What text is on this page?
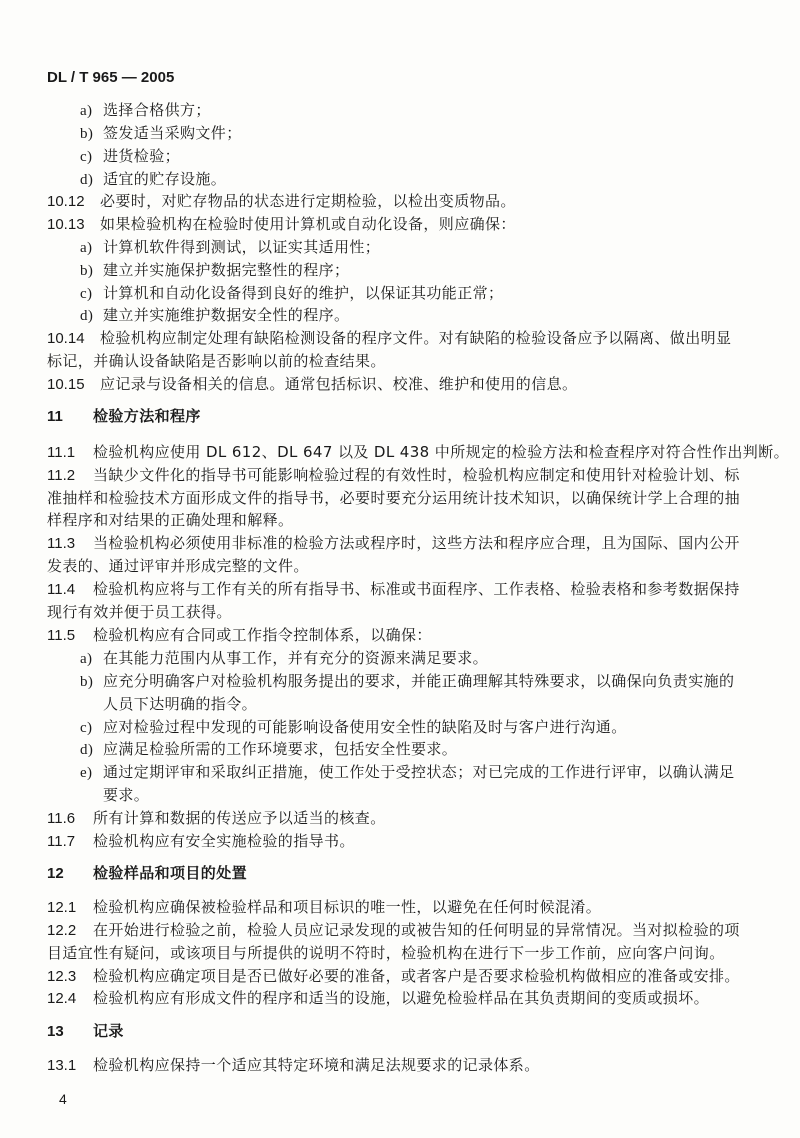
DL / T 965 — 2005
a) 选择合格供方；
b) 签发适当采购文件；
c) 进货检验；
d) 适宜的贮存设施。
10.12 必要时，对贮存物品的状态进行定期检验，以检出变质物品。
10.13 如果检验机构在检验时使用计算机或自动化设备，则应确保：
a) 计算机软件得到测试，以证实其适用性；
b) 建立并实施保护数据完整性的程序；
c) 计算机和自动化设备得到良好的维护，以保证其功能正常；
d) 建立并实施维护数据安全性的程序。
10.14 检验机构应制定处理有缺陷检测设备的程序文件。对有缺陷的检验设备应予以隔离、做出明显
标记，并确认设备缺陷是否影响以前的检查结果。
10.15 应记录与设备相关的信息。通常包括标识、校准、维护和使用的信息。
11 检验方法和程序
11.1 检验机构应使用 DL 612、DL 647 以及 DL 438 中所规定的检验方法和检查程序对符合性作出判断。
11.2 当缺少文件化的指导书可能影响检验过程的有效性时，检验机构应制定和使用针对检验计划、标
准抽样和检验技术方面形成文件的指导书，必要时要充分运用统计技术知识，以确保统计学上合理的抽
样程序和对结果的正确处理和解释。
11.3 当检验机构必须使用非标准的检验方法或程序时，这些方法和程序应合理，且为国际、国内公开
发表的、通过评审并形成完整的文件。
11.4 检验机构应将与工作有关的所有指导书、标准或书面程序、工作表格、检验表格和参考数据保持
现行有效并便于员工获得。
11.5 检验机构应有合同或工作指令控制体系，以确保：
a) 在其能力范围内从事工作，并有充分的资源来满足要求。
b) 应充分明确客户对检验机构服务提出的要求，并能正确理解其特殊要求，以确保向负责实施的
人员下达明确的指令。
c) 应对检验过程中发现的可能影响设备使用安全性的缺陷及时与客户进行沟通。
d) 应满足检验所需的工作环境要求，包括安全性要求。
e) 通过定期评审和采取纠正措施，使工作处于受控状态；对已完成的工作进行评审，以确认满足
要求。
11.6 所有计算和数据的传送应予以适当的核查。
11.7 检验机构应有安全实施检验的指导书。
12 检验样品和项目的处置
12.1 检验机构应确保被检验样品和项目标识的唯一性，以避免在任何时候混淆。
12.2 在开始进行检验之前，检验人员应记录发现的或被告知的任何明显的异常情况。当对拟检验的项
目适宜性有疑问，或该项目与所提供的说明不符时，检验机构在进行下一步工作前，应向客户问询。
12.3 检验机构应确定项目是否已做好必要的准备，或者客户是否要求检验机构做相应的准备或安排。
12.4 检验机构应有形成文件的程序和适当的设施，以避免检验样品在其负责期间的变质或损坏。
13 记录
13.1 检验机构应保持一个适应其特定环境和满足法规要求的记录体系。
4
